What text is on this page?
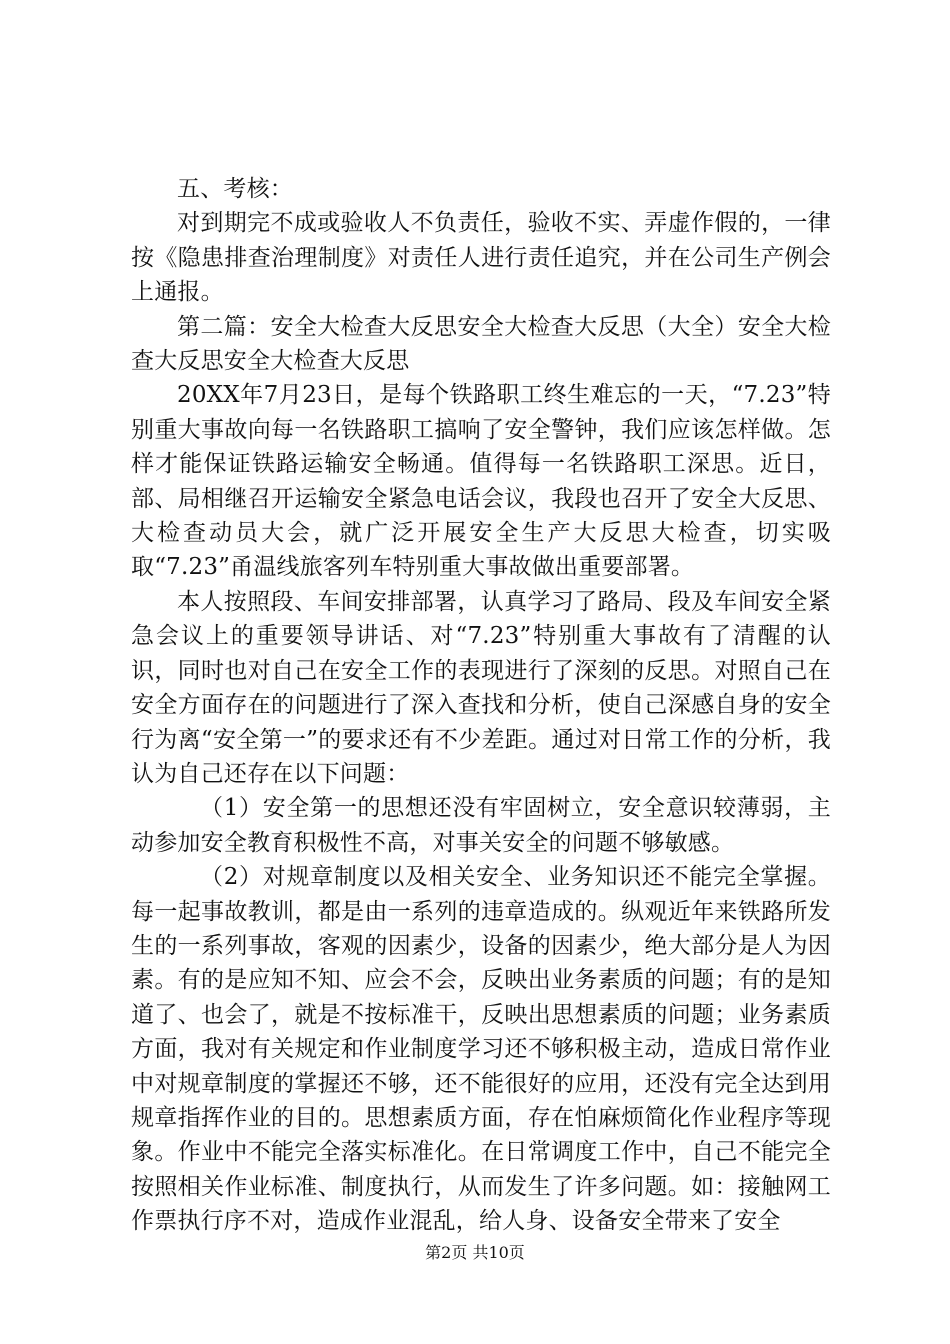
五、考核：

对到期完不成或验收人不负责任，验收不实、弄虚作假的，一律按《隐患排查治理制度》对责任人进行责任追究，并在公司生产例会上通报。

第二篇：安全大检查大反思安全大检查大反思（大全）安全大检查大反思安全大检查大反思

20XX年7月23日，是每个铁路职工终生难忘的一天，“7.23”特别重大事故向每一名铁路职工搞响了安全警钟，我们应该怎样做。怎样才能保证铁路运输安全畅通。值得每一名铁路职工深思。近日，部、局相继召开运输安全紧急电话会议，我段也召开了安全大反思、大检查动员大会，就广泛开展安全生产大反思大检查，切实吸取“7.23”甬温线旅客列车特别重大事故做出重要部署。

本人按照段、车间安排部署，认真学习了路局、段及车间安全紧急会议上的重要领导讲话、对“7.23”特别重大事故有了清醒的认识，同时也对自己在安全工作的表现进行了深刻的反思。对照自己在安全方面存在的问题进行了深入查找和分析，使自己深感自身的安全行为离“安全第一”的要求还有不少差距。通过对日常工作的分析，我认为自己还存在以下问题：

（1）安全第一的思想还没有牢固树立，安全意识较薄弱，主动参加安全教育积极性不高，对事关安全的问题不够敏感。

（2）对规章制度以及相关安全、业务知识还不能完全掌握。每一起事故教训，都是由一系列的违章造成的。纵观近年来铁路所发生的一系列事故，客观的因素少，设备的因素少，绝大部分是人为因素。有的是应知不知、应会不会，反映出业务素质的问题；有的是知道了、也会了，就是不按标准干，反映出思想素质的问题；业务素质方面，我对有关规定和作业制度学习还不够积极主动，造成日常作业中对规章制度的掌握还不够，还不能很好的应用，还没有完全达到用规章指挥作业的目的。思想素质方面，存在怕麻烦简化作业程序等现象。作业中不能完全落实标准化。在日常调度工作中，自己不能完全按照相关作业标准、制度执行，从而发生了许多问题。如：接触网工作票执行序不对，造成作业混乱，给人身、设备安全带来了安全

第2页 共10页
